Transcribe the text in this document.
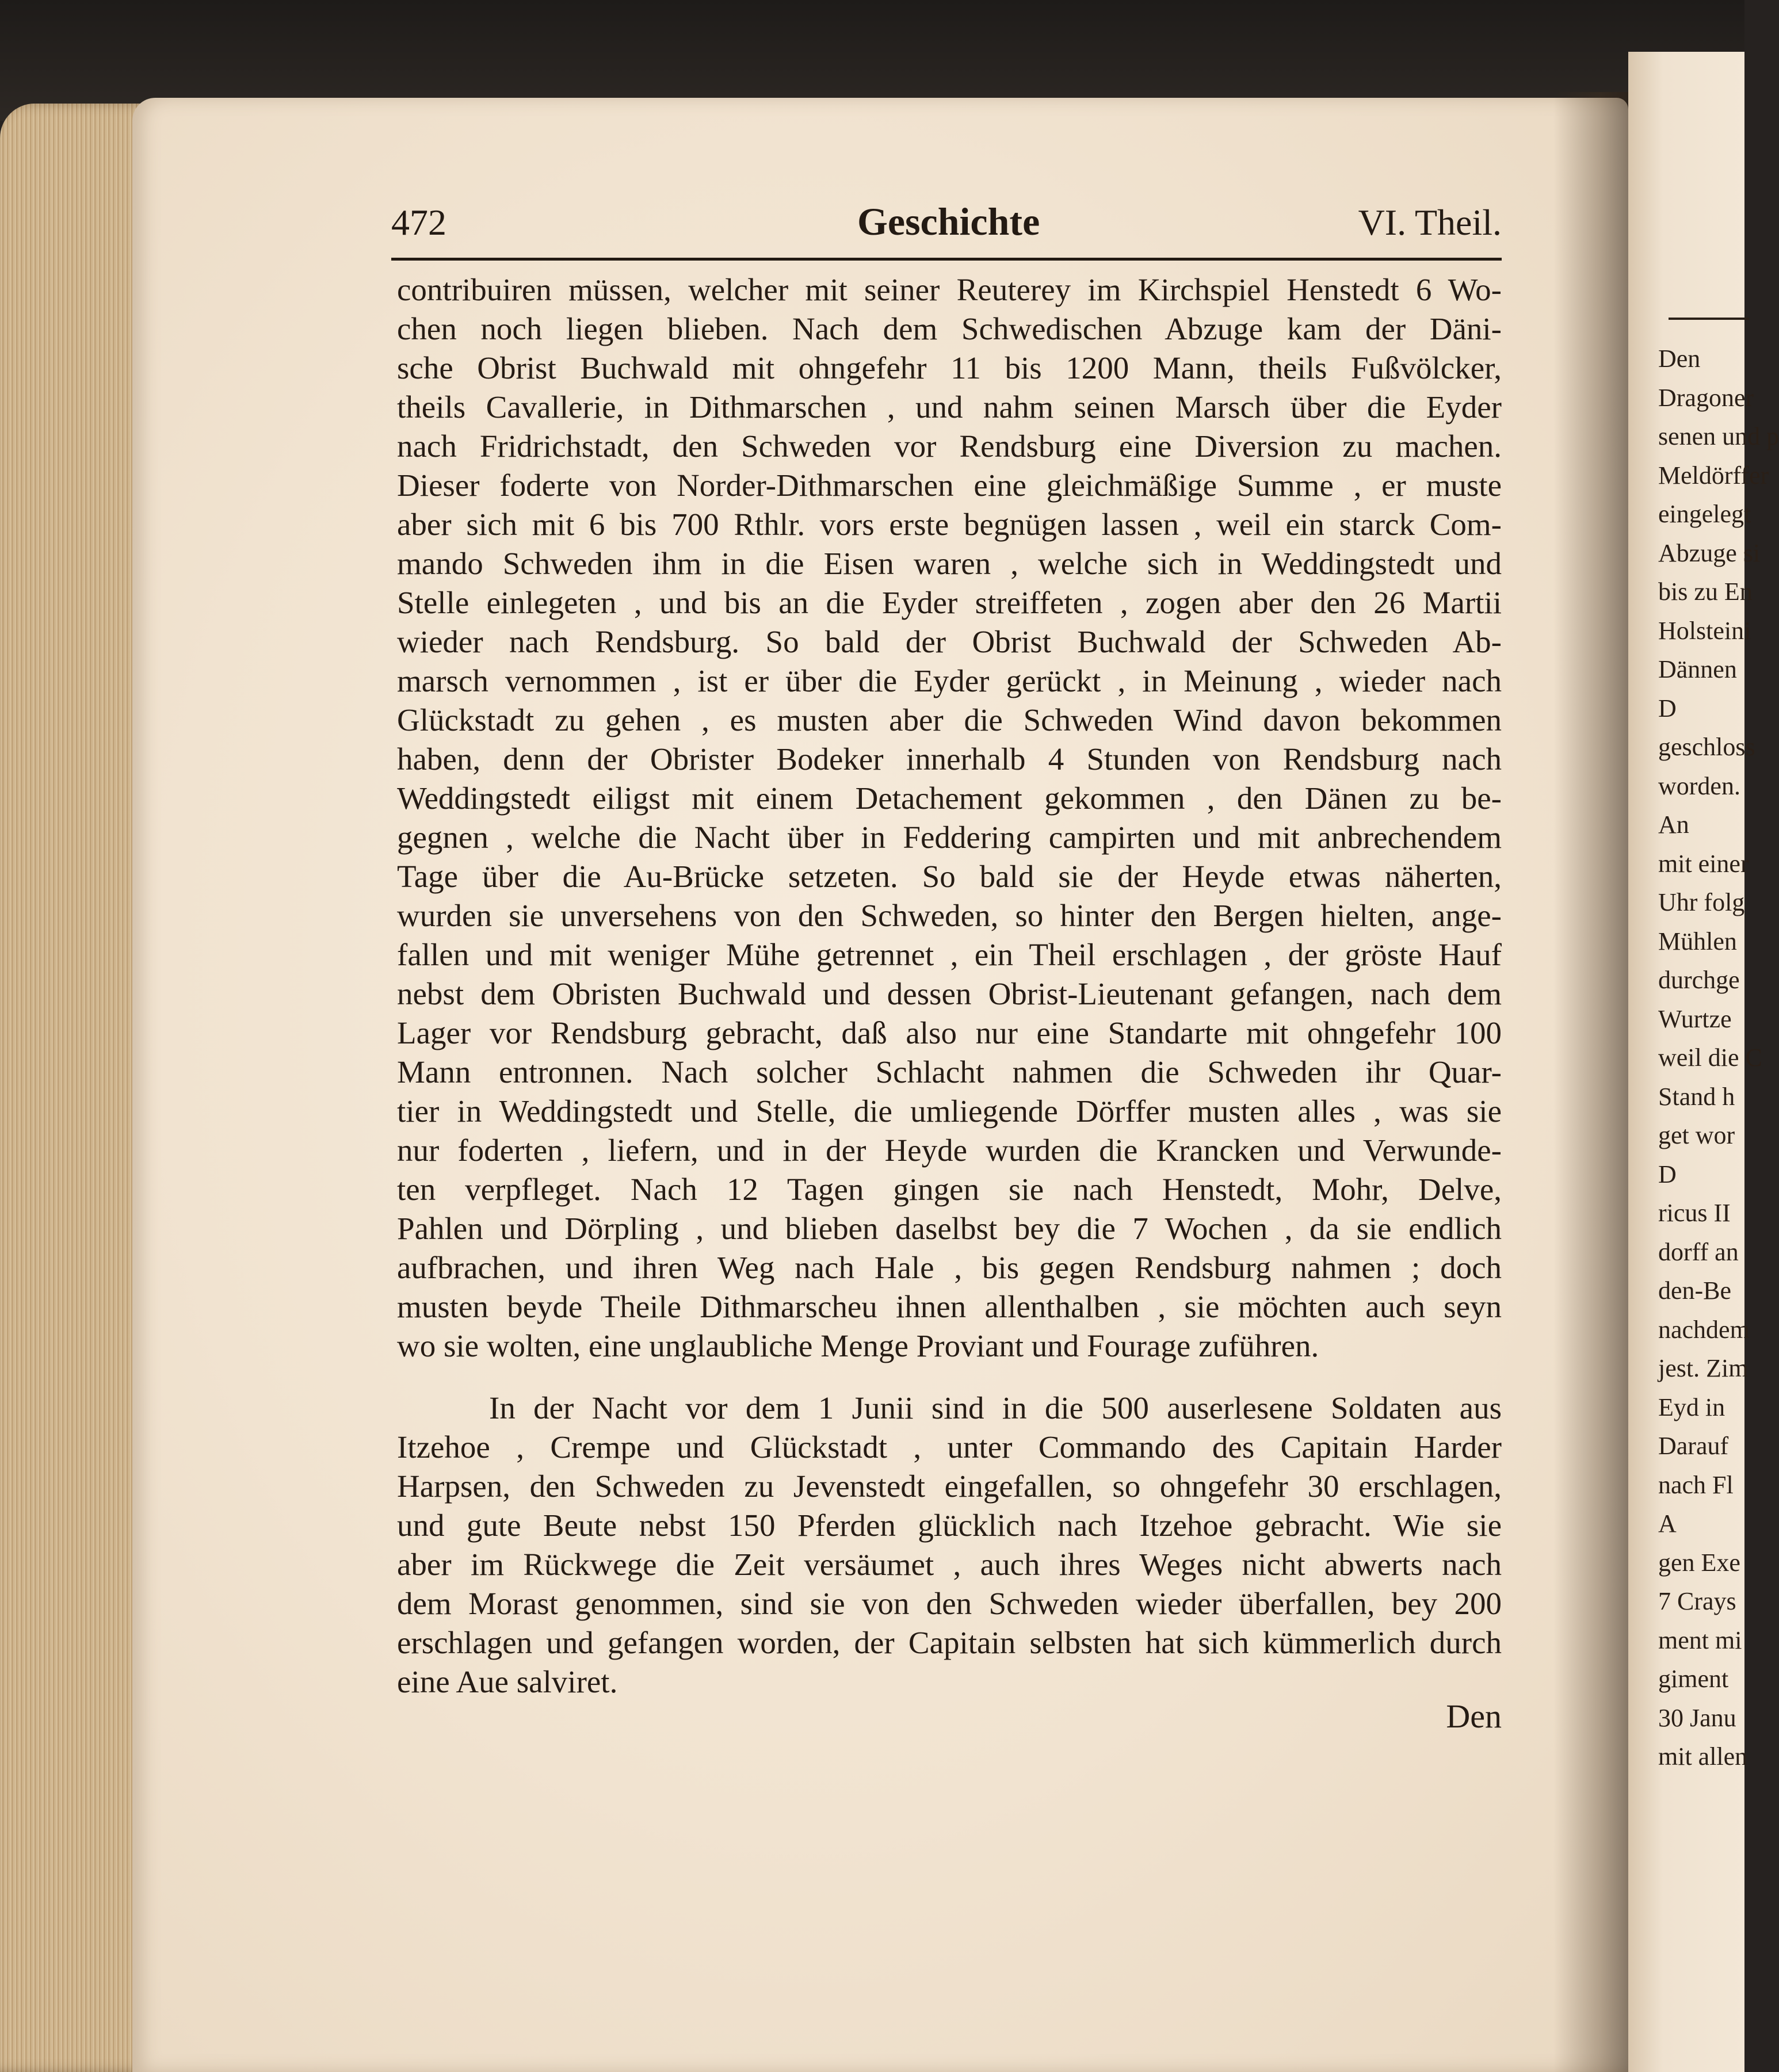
Den
Dragoner
senen und p
Meldörffer
eingelegt
Abzuge si
bis zu En
Holsteini
Dännen
D
geschloss
worden.
An
mit einer
Uhr folg
Mühlen
durchge
Wurtze
weil die C
Stand h
get wor
D
ricus II
dorff an
den-Be
nachdem
jest. Zim
Eyd in
Darauf
nach Fl
A
gen Exe
7 Crays
ment mi
giment
30 Janu
mit allen
472	Geschichte	VI. Theil.
contribuiren müssen, welcher mit seiner Reuterey im Kirchspiel Henstedt 6 Wo-
chen noch liegen blieben. Nach dem Schwedischen Abzuge kam der Däni-
sche Obrist Buchwald mit ohngefehr 11 bis 1200 Mann, theils Fußvölcker,
theils Cavallerie, in Dithmarschen , und nahm seinen Marsch über die Eyder
nach Fridrichstadt, den Schweden vor Rendsburg eine Diversion zu machen.
Dieser foderte von Norder-Dithmarschen eine gleichmäßige Summe , er muste
aber sich mit 6 bis 700 Rthlr. vors erste begnügen lassen , weil ein starck Com-
mando Schweden ihm in die Eisen waren , welche sich in Weddingstedt und
Stelle einlegeten , und bis an die Eyder streiffeten , zogen aber den 26 Martii
wieder nach Rendsburg. So bald der Obrist Buchwald der Schweden Ab-
marsch vernommen , ist er über die Eyder gerückt , in Meinung , wieder nach
Glückstadt zu gehen , es musten aber die Schweden Wind davon bekommen
haben, denn der Obrister Bodeker innerhalb 4 Stunden von Rendsburg nach
Weddingstedt eiligst mit einem Detachement gekommen , den Dänen zu be-
gegnen , welche die Nacht über in Feddering campirten und mit anbrechendem
Tage über die Au-Brücke setzeten. So bald sie der Heyde etwas näherten,
wurden sie unversehens von den Schweden, so hinter den Bergen hielten, ange-
fallen und mit weniger Mühe getrennet , ein Theil erschlagen , der gröste Hauf
nebst dem Obristen Buchwald und dessen Obrist-Lieutenant gefangen, nach dem
Lager vor Rendsburg gebracht, daß also nur eine Standarte mit ohngefehr 100
Mann entronnen. Nach solcher Schlacht nahmen die Schweden ihr Quar-
tier in Weddingstedt und Stelle, die umliegende Dörffer musten alles , was sie
nur foderten , liefern, und in der Heyde wurden die Krancken und Verwunde-
ten verpfleget. Nach 12 Tagen gingen sie nach Henstedt, Mohr, Delve,
Pahlen und Dörpling , und blieben daselbst bey die 7 Wochen , da sie endlich
aufbrachen, und ihren Weg nach Hale , bis gegen Rendsburg nahmen ; doch
musten beyde Theile Dithmarscheu ihnen allenthalben , sie möchten auch seyn
wo sie wolten, eine unglaubliche Menge Proviant und Fourage zuführen.
In der Nacht vor dem 1 Junii sind in die 500 auserlesene Soldaten aus
Itzehoe , Crempe und Glückstadt , unter Commando des Capitain Harder
Harpsen, den Schweden zu Jevenstedt eingefallen, so ohngefehr 30 erschlagen,
und gute Beute nebst 150 Pferden glücklich nach Itzehoe gebracht. Wie sie
aber im Rückwege die Zeit versäumet , auch ihres Weges nicht abwerts nach
dem Morast genommen, sind sie von den Schweden wieder überfallen, bey 200
erschlagen und gefangen worden, der Capitain selbsten hat sich kümmerlich durch
eine Aue salviret.
Den
